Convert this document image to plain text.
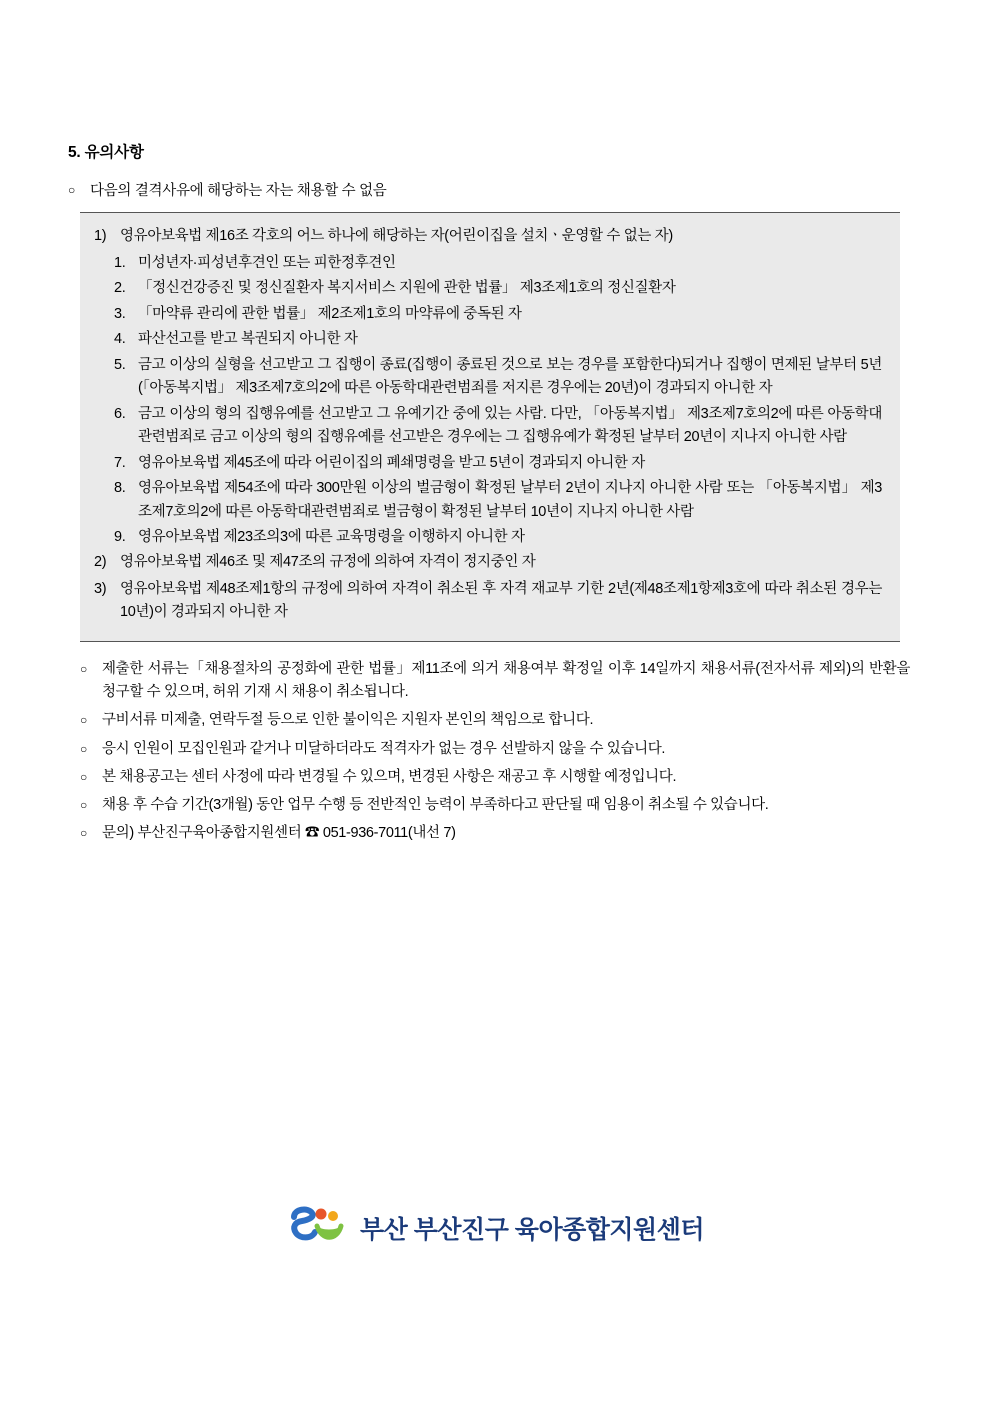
5. 유의사항
○	다음의 결격사유에 해당하는 자는 채용할 수 없음
1) 영유아보육법 제16조 각호의 어느 하나에 해당하는 자(어린이집을 설치ㆍ운영할 수 없는 자)
1. 미성년자·피성년후견인 또는 피한정후견인
2. 「정신건강증진 및 정신질환자 복지서비스 지원에 관한 법률」 제3조제1호의 정신질환자
3. 「마약류 관리에 관한 법률」 제2조제1호의 마약류에 중독된 자
4. 파산선고를 받고 복권되지 아니한 자
5. 금고 이상의 실형을 선고받고 그 집행이 종료(집행이 종료된 것으로 보는 경우를 포함한다)되거나 집행이 면제된 날부터 5년(「아동복지법」 제3조제7호의2에 따른 아동학대관련범죄를 저지른 경우에는 20년)이 경과되지 아니한 자
6. 금고 이상의 형의 집행유예를 선고받고 그 유예기간 중에 있는 사람. 다만, 「아동복지법」 제3조제7호의2에 따른 아동학대관련범죄로 금고 이상의 형의 집행유예를 선고받은 경우에는 그 집행유예가 확정된 날부터 20년이 지나지 아니한 사람
7. 영유아보육법 제45조에 따라 어린이집의 폐쇄명령을 받고 5년이 경과되지 아니한 자
8. 영유아보육법 제54조에 따라 300만원 이상의 벌금형이 확정된 날부터 2년이 지나지 아니한 사람 또는 「아동복지법」 제3조제7호의2에 따른 아동학대관련범죄로 벌금형이 확정된 날부터 10년이 지나지 아니한 사람
9. 영유아보육법 제23조의3에 따른 교육명령을 이행하지 아니한 자
2) 영유아보육법 제46조 및 제47조의 규정에 의하여 자격이 정지중인 자
3) 영유아보육법 제48조제1항의 규정에 의하여 자격이 취소된 후 자격 재교부 기한 2년(제48조제1항제3호에 따라 취소된 경우는 10년)이 경과되지 아니한 자
○	제출한 서류는「채용절차의 공정화에 관한 법률」제11조에 의거 채용여부 확정일 이후 14일까지 채용서류(전자서류 제외)의 반환을 청구할 수 있으며, 허위 기재 시 채용이 취소됩니다.
○	구비서류 미제출, 연락두절 등으로 인한 불이익은 지원자 본인의 책임으로 합니다.
○	응시 인원이 모집인원과 같거나 미달하더라도 적격자가 없는 경우 선발하지 않을 수 있습니다.
○	본 채용공고는 센터 사정에 따라 변경될 수 있으며, 변경된 사항은 재공고 후 시행할 예정입니다.
○	채용 후 수습 기간(3개월) 동안 업무 수행 등 전반적인 능력이 부족하다고 판단될 때 임용이 취소될 수 있습니다.
○	문의) 부산진구육아종합지원센터 ☎ 051-936-7011(내선 7)
부산 부산진구 육아종합지원센터
